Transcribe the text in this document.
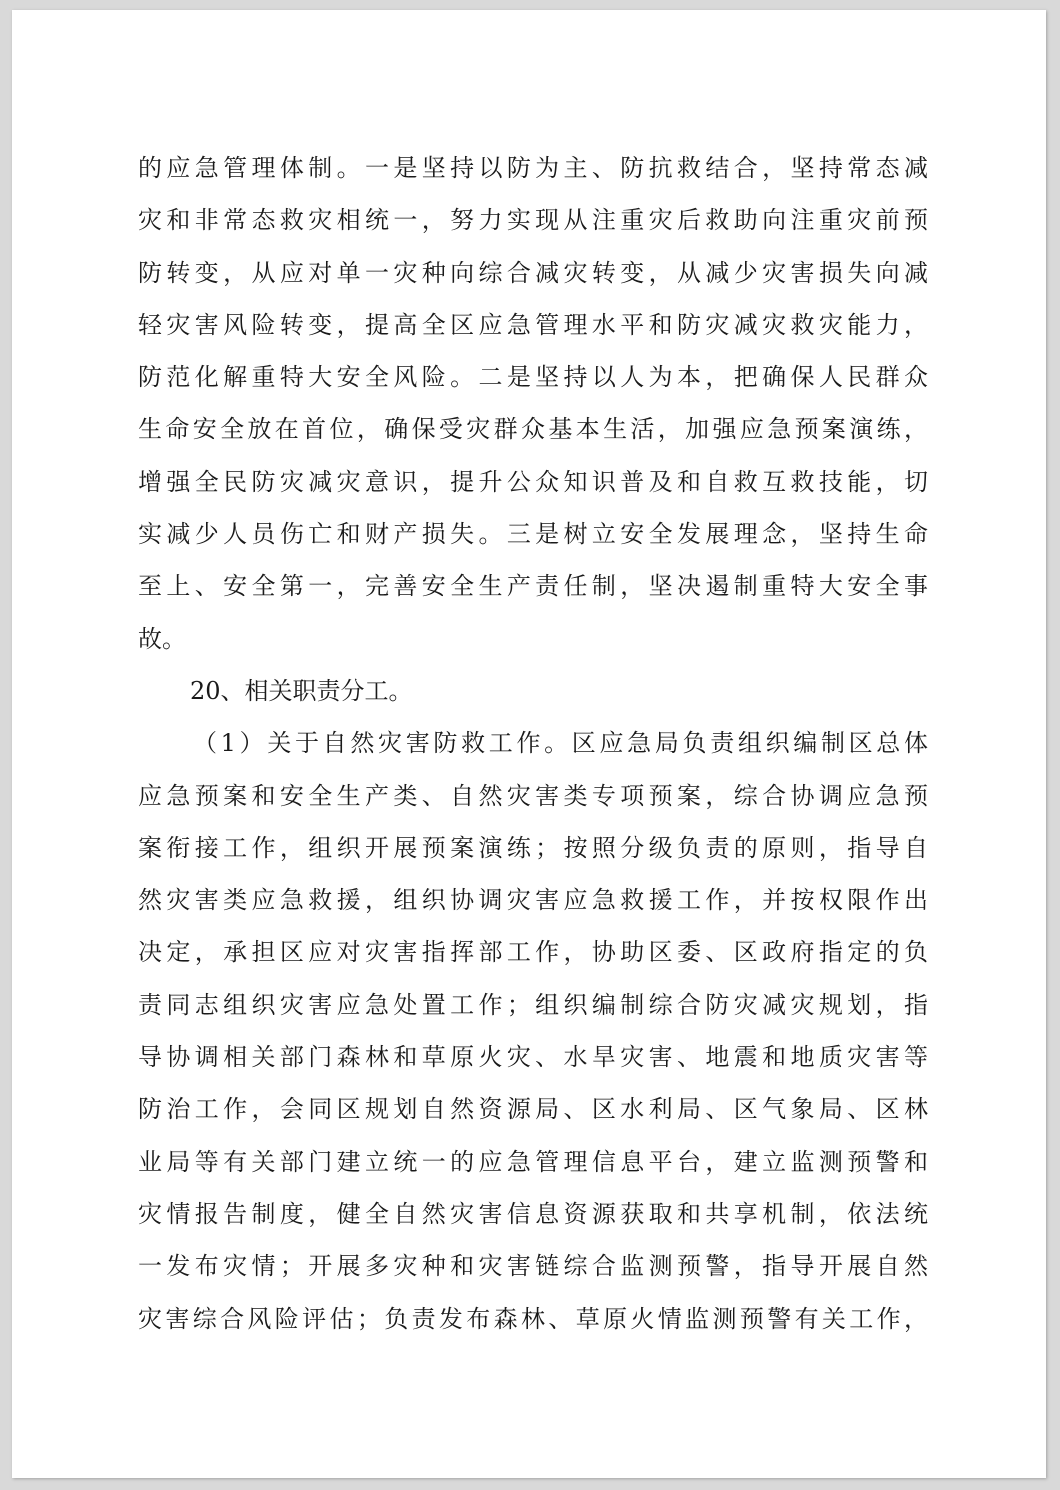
的应急管理体制。一是坚持以防为主、防抗救结合，坚持常态减
灾和非常态救灾相统一，努力实现从注重灾后救助向注重灾前预
防转变，从应对单一灾种向综合减灾转变，从减少灾害损失向减
轻灾害风险转变，提高全区应急管理水平和防灾减灾救灾能力，
防范化解重特大安全风险。二是坚持以人为本，把确保人民群众
生命安全放在首位，确保受灾群众基本生活，加强应急预案演练，
增强全民防灾减灾意识，提升公众知识普及和自救互救技能，切
实减少人员伤亡和财产损失。三是树立安全发展理念，坚持生命
至上、安全第一，完善安全生产责任制，坚决遏制重特大安全事
故。
20、相关职责分工。
（1）关于自然灾害防救工作。区应急局负责组织编制区总体
应急预案和安全生产类、自然灾害类专项预案，综合协调应急预
案衔接工作，组织开展预案演练；按照分级负责的原则，指导自
然灾害类应急救援，组织协调灾害应急救援工作，并按权限作出
决定，承担区应对灾害指挥部工作，协助区委、区政府指定的负
责同志组织灾害应急处置工作；组织编制综合防灾减灾规划，指
导协调相关部门森林和草原火灾、水旱灾害、地震和地质灾害等
防治工作，会同区规划自然资源局、区水利局、区气象局、区林
业局等有关部门建立统一的应急管理信息平台，建立监测预警和
灾情报告制度，健全自然灾害信息资源获取和共享机制，依法统
一发布灾情；开展多灾种和灾害链综合监测预警，指导开展自然
灾害综合风险评估；负责发布森林、草原火情监测预警有关工作，
